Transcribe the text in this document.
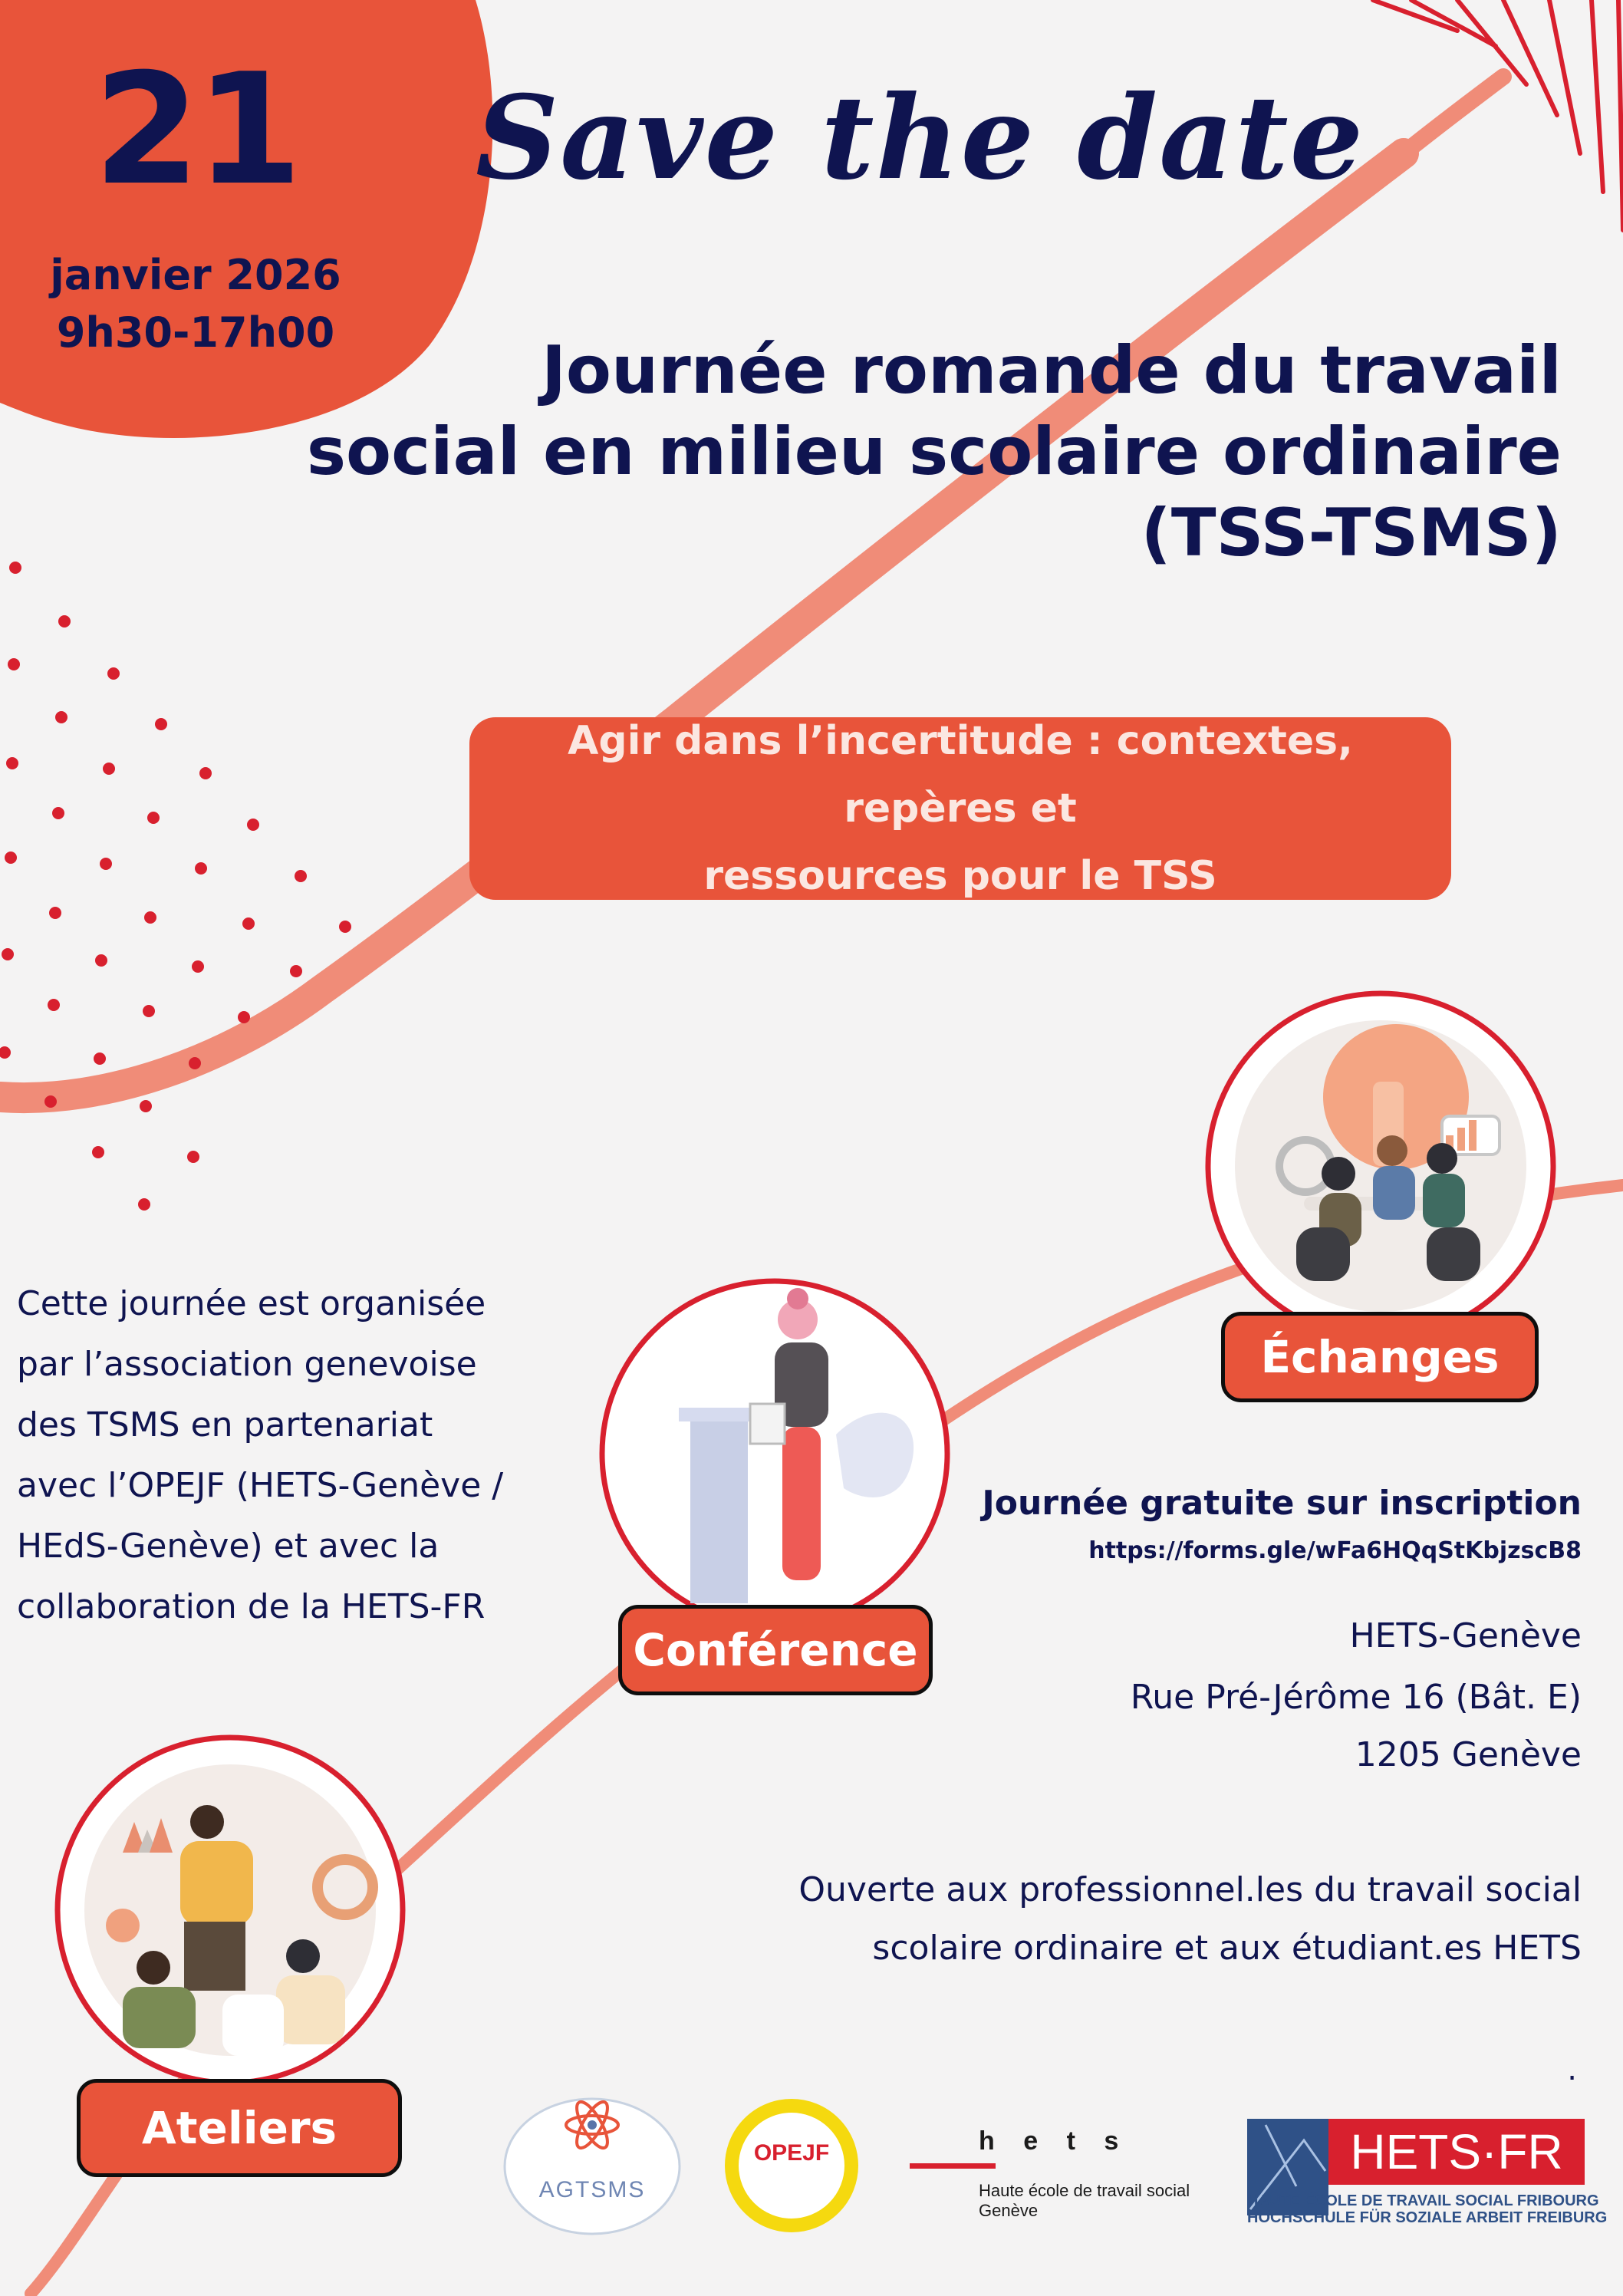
21
janvier 2026
9h30-17h00
Save the date
Journée romande du travail
social en milieu scolaire ordinaire
(TSS-TSMS)
Agir dans l’incertitude : contextes, repères et
ressources pour le TSS
Cette journée est organisée
par l’association genevoise
des TSMS en partenariat
avec l’OPEJF (HETS-Genève /
HEdS-Genève) et avec la
collaboration de la HETS-FR
Échanges
Conférence
Ateliers
Journée gratuite sur inscription
https://forms.gle/wFa6HQqStKbjzscB8
HETS-Genève
Rue Pré-Jérôme 16 (Bât. E)
1205 Genève
Ouverte aux professionnel.les du travail social
scolaire ordinaire et aux étudiant.es HETS
.
AGTSMS
OPEJF	h e t s
Haute école de travail social
Genève
HETS·FR
HAUTE ÉCOLE DE TRAVAIL SOCIAL FRIBOURG
HOCHSCHULE FÜR SOZIALE ARBEIT FREIBURG
